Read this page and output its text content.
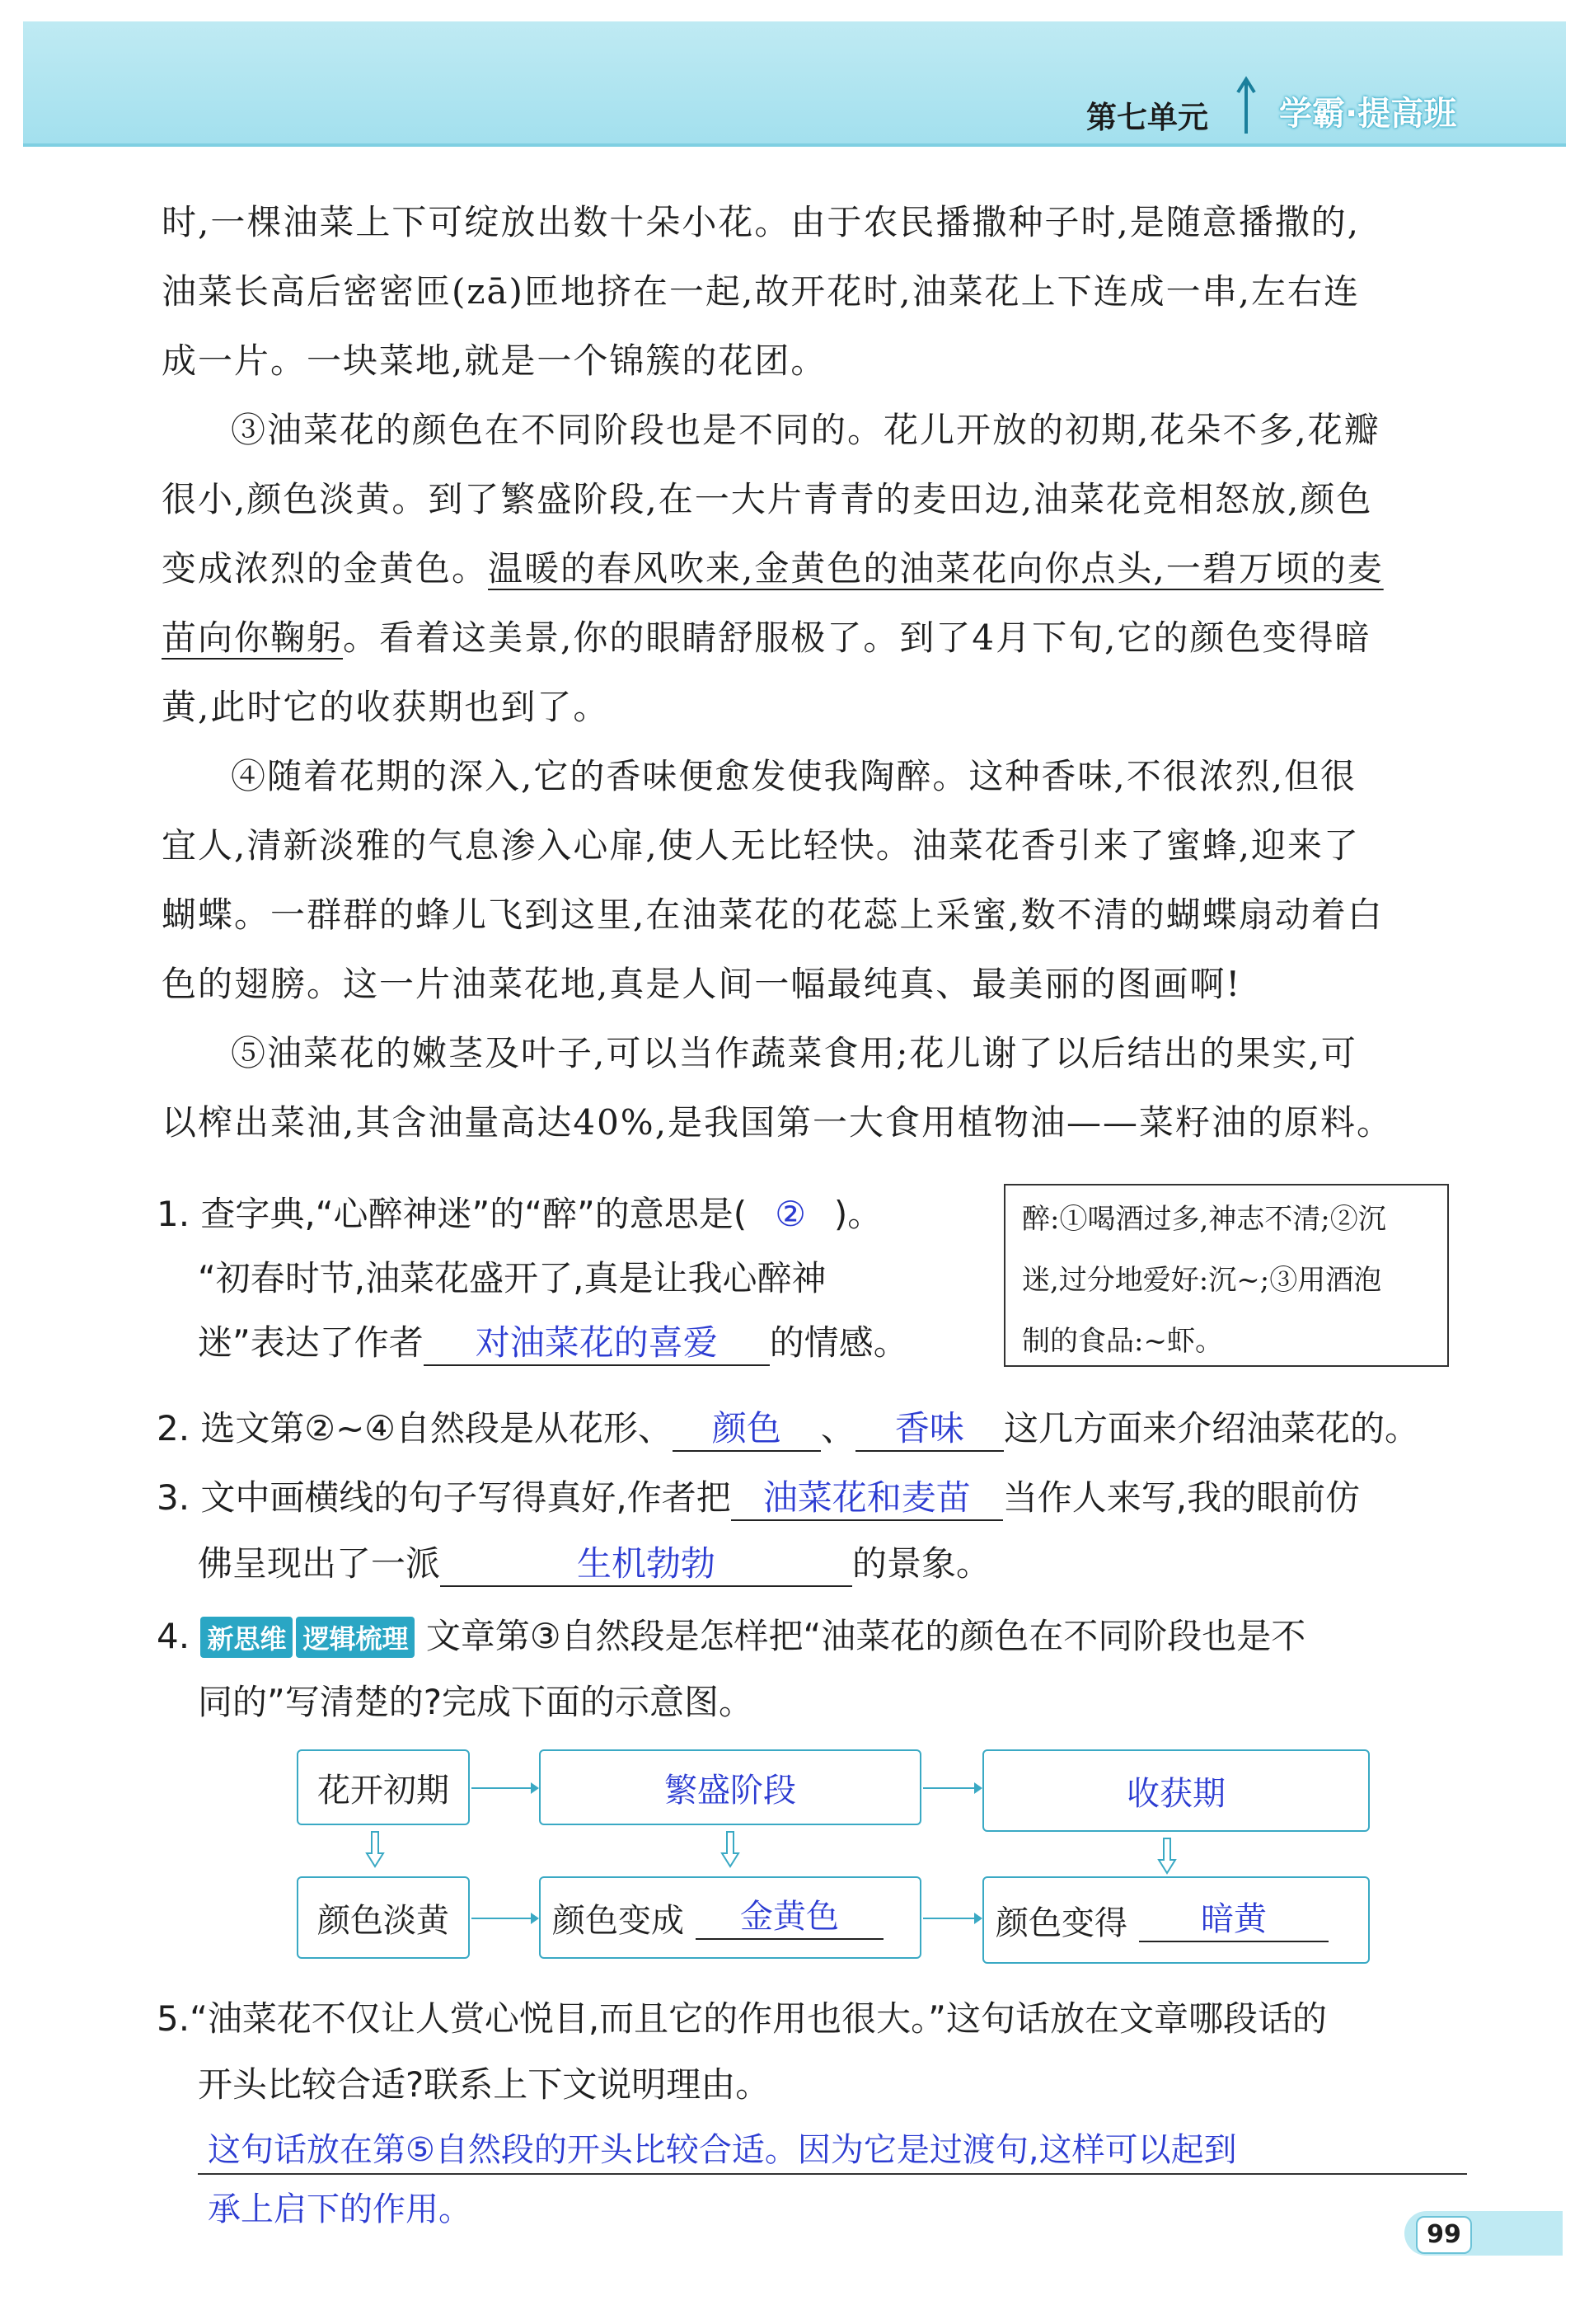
第七单元 学霸·提高班
时,一棵油菜上下可绽放出数十朵小花。由于农民播撒种子时,是随意播撒的,
油菜长高后密密匝(zā)匝地挤在一起,故开花时,油菜花上下连成一串,左右连
成一片。一块菜地,就是一个锦簇的花团。
③油菜花的颜色在不同阶段也是不同的。花儿开放的初期,花朵不多,花瓣
很小,颜色淡黄。到了繁盛阶段,在一大片青青的麦田边,油菜花竞相怒放,颜色
变成浓烈的金黄色。温暖的春风吹来,金黄色的油菜花向你点头,一碧万顷的麦
苗向你鞠躬。看着这美景,你的眼睛舒服极了。到了4月下旬,它的颜色变得暗
黄,此时它的收获期也到了。
④随着花期的深入,它的香味便愈发使我陶醉。这种香味,不很浓烈,但很
宜人,清新淡雅的气息渗入心扉,使人无比轻快。油菜花香引来了蜜蜂,迎来了
蝴蝶。一群群的蜂儿飞到这里,在油菜花的花蕊上采蜜,数不清的蝴蝶扇动着白
色的翅膀。这一片油菜花地,真是人间一幅最纯真、最美丽的图画啊!
⑤油菜花的嫩茎及叶子,可以当作蔬菜食用;花儿谢了以后结出的果实,可
以榨出菜油,其含油量高达40%,是我国第一大食用植物油——菜籽油的原料。
1. 查字典,“心醉神迷”的“醉”的意思是( ② )。
“初春时节,油菜花盛开了,真是让我心醉神
迷”表达了作者 对油菜花的喜爱 的情感。
醉:①喝酒过多,神志不清;②沉
迷,过分地爱好:沉~;③用酒泡
制的食品:~虾。
2. 选文第②~④自然段是从花形、 颜色 、 香味 这几方面来介绍油菜花的。
3. 文中画横线的句子写得真好,作者把 油菜花和麦苗 当作人来写,我的眼前仿
佛呈现出了一派	生机勃勃	的景象。
4. 新思维 逻辑梳理 文章第③自然段是怎样把“油菜花的颜色在不同阶段也是不
同的”写清楚的?完成下面的示意图。
花开初期	繁盛阶段	收获期
颜色淡黄	颜色变成	金黄色	颜色变得	暗黄
5.“油菜花不仅让人赏心悦目,而且它的作用也很大。”这句话放在文章哪段话的
开头比较合适?联系上下文说明理由。
这句话放在第⑤自然段的开头比较合适。因为它是过渡句,这样可以起到
承上启下的作用。
99
